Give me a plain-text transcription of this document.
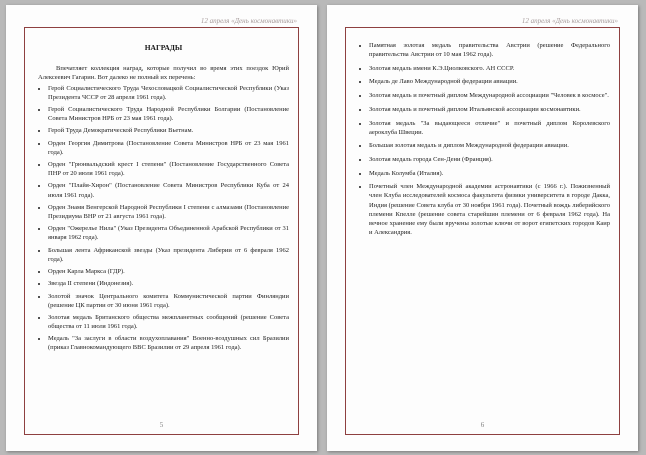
12 апреля «День космонавтики»

НАГРАДЫ

Впечатляет коллекция наград, которые получил во время этих поездок Юрий Алексеевич Гагарин. Вот далеко не полный их перечень:

• Герой Социалистического Труда Чехословацкой Социалистической Республики (Указ Президента ЧССР от 28 апреля 1961 года).
• Герой Социалистического Труда Народной Республики Болгарии (Постановление Совета Министров НРБ от 23 мая 1961 года).
• Герой Труда Демократической Республики Вьетнам.
• Орден Георгия Димитрова (Постановление Совета Министров НРБ от 23 мая 1961 года).
• Орден "Грюнвальдский крест I степени" (Постановление Государственного Совета ПНР от 20 июля 1961 года).
• Орден "Плайя-Хирон" (Постановление Совета Министров Республики Куба от 24 июля 1961 года).
• Орден Знамя Венгерской Народной Республики I степени с алмазами (Постановление Президиума ВНР от 21 августа 1961 года).
• Орден "Ожерелье Нила" (Указ Президента Объединенной Арабской Республики от 31 января 1962 года).
• Большая лента Африканской звезды (Указ президента Либерии от 6 февраля 1962 года).
• Орден Карла Маркса (ГДР).
• Звезда II степени (Индонезия).
• Золотой значок Центрального комитета Коммунистической партии Финляндии (решение ЦК партии от 30 июня 1961 года).
• Золотая медаль Британского общества межпланетных сообщений (решение Совета общества от 11 июля 1961 года).
• Медаль "За заслуги в области воздухоплавания" Военно-воздушных сил Бразилии (приказ Главнокомандующего ВВС Бразилии от 29 апреля 1961 года).
5
12 апреля «День космонавтики»
• Памятная золотая медаль правительства Австрии (решение Федерального правительства Австрии от 10 мая 1962 года).
• Золотая медаль имени К.Э.Циолковского. АН СССР.
• Медаль де Лаво Международной федерации авиации.
• Золотая медаль и почетный диплом Международной ассоциации "Человек в космосе".
• Золотая медаль и почетный диплом Итальянской ассоциации космонавтики.
• Золотая медаль "За выдающееся отличие" и почетный диплом Королевского аероклуба Швеции.
• Большая золотая медаль и диплом Международной федерации авиации.
• Золотая медаль города Сен-Дени (Франция).
• Медаль Колумба (Италия).
• Почетный член Международной академии астронавтики (с 1966 г.). Пожизненный член Клуба исследователей космоса факультета физики университета в городе Дакка, Индия (решение Совета клуба от 30 ноября 1961 года). Почетный вождь либерийского племени Кпелле (решение совета старейшин племени от 6 февраля 1962 года). На вечное хранение ему были вручены золотые ключи от ворот египетских городов Каир и Александрия.
6
